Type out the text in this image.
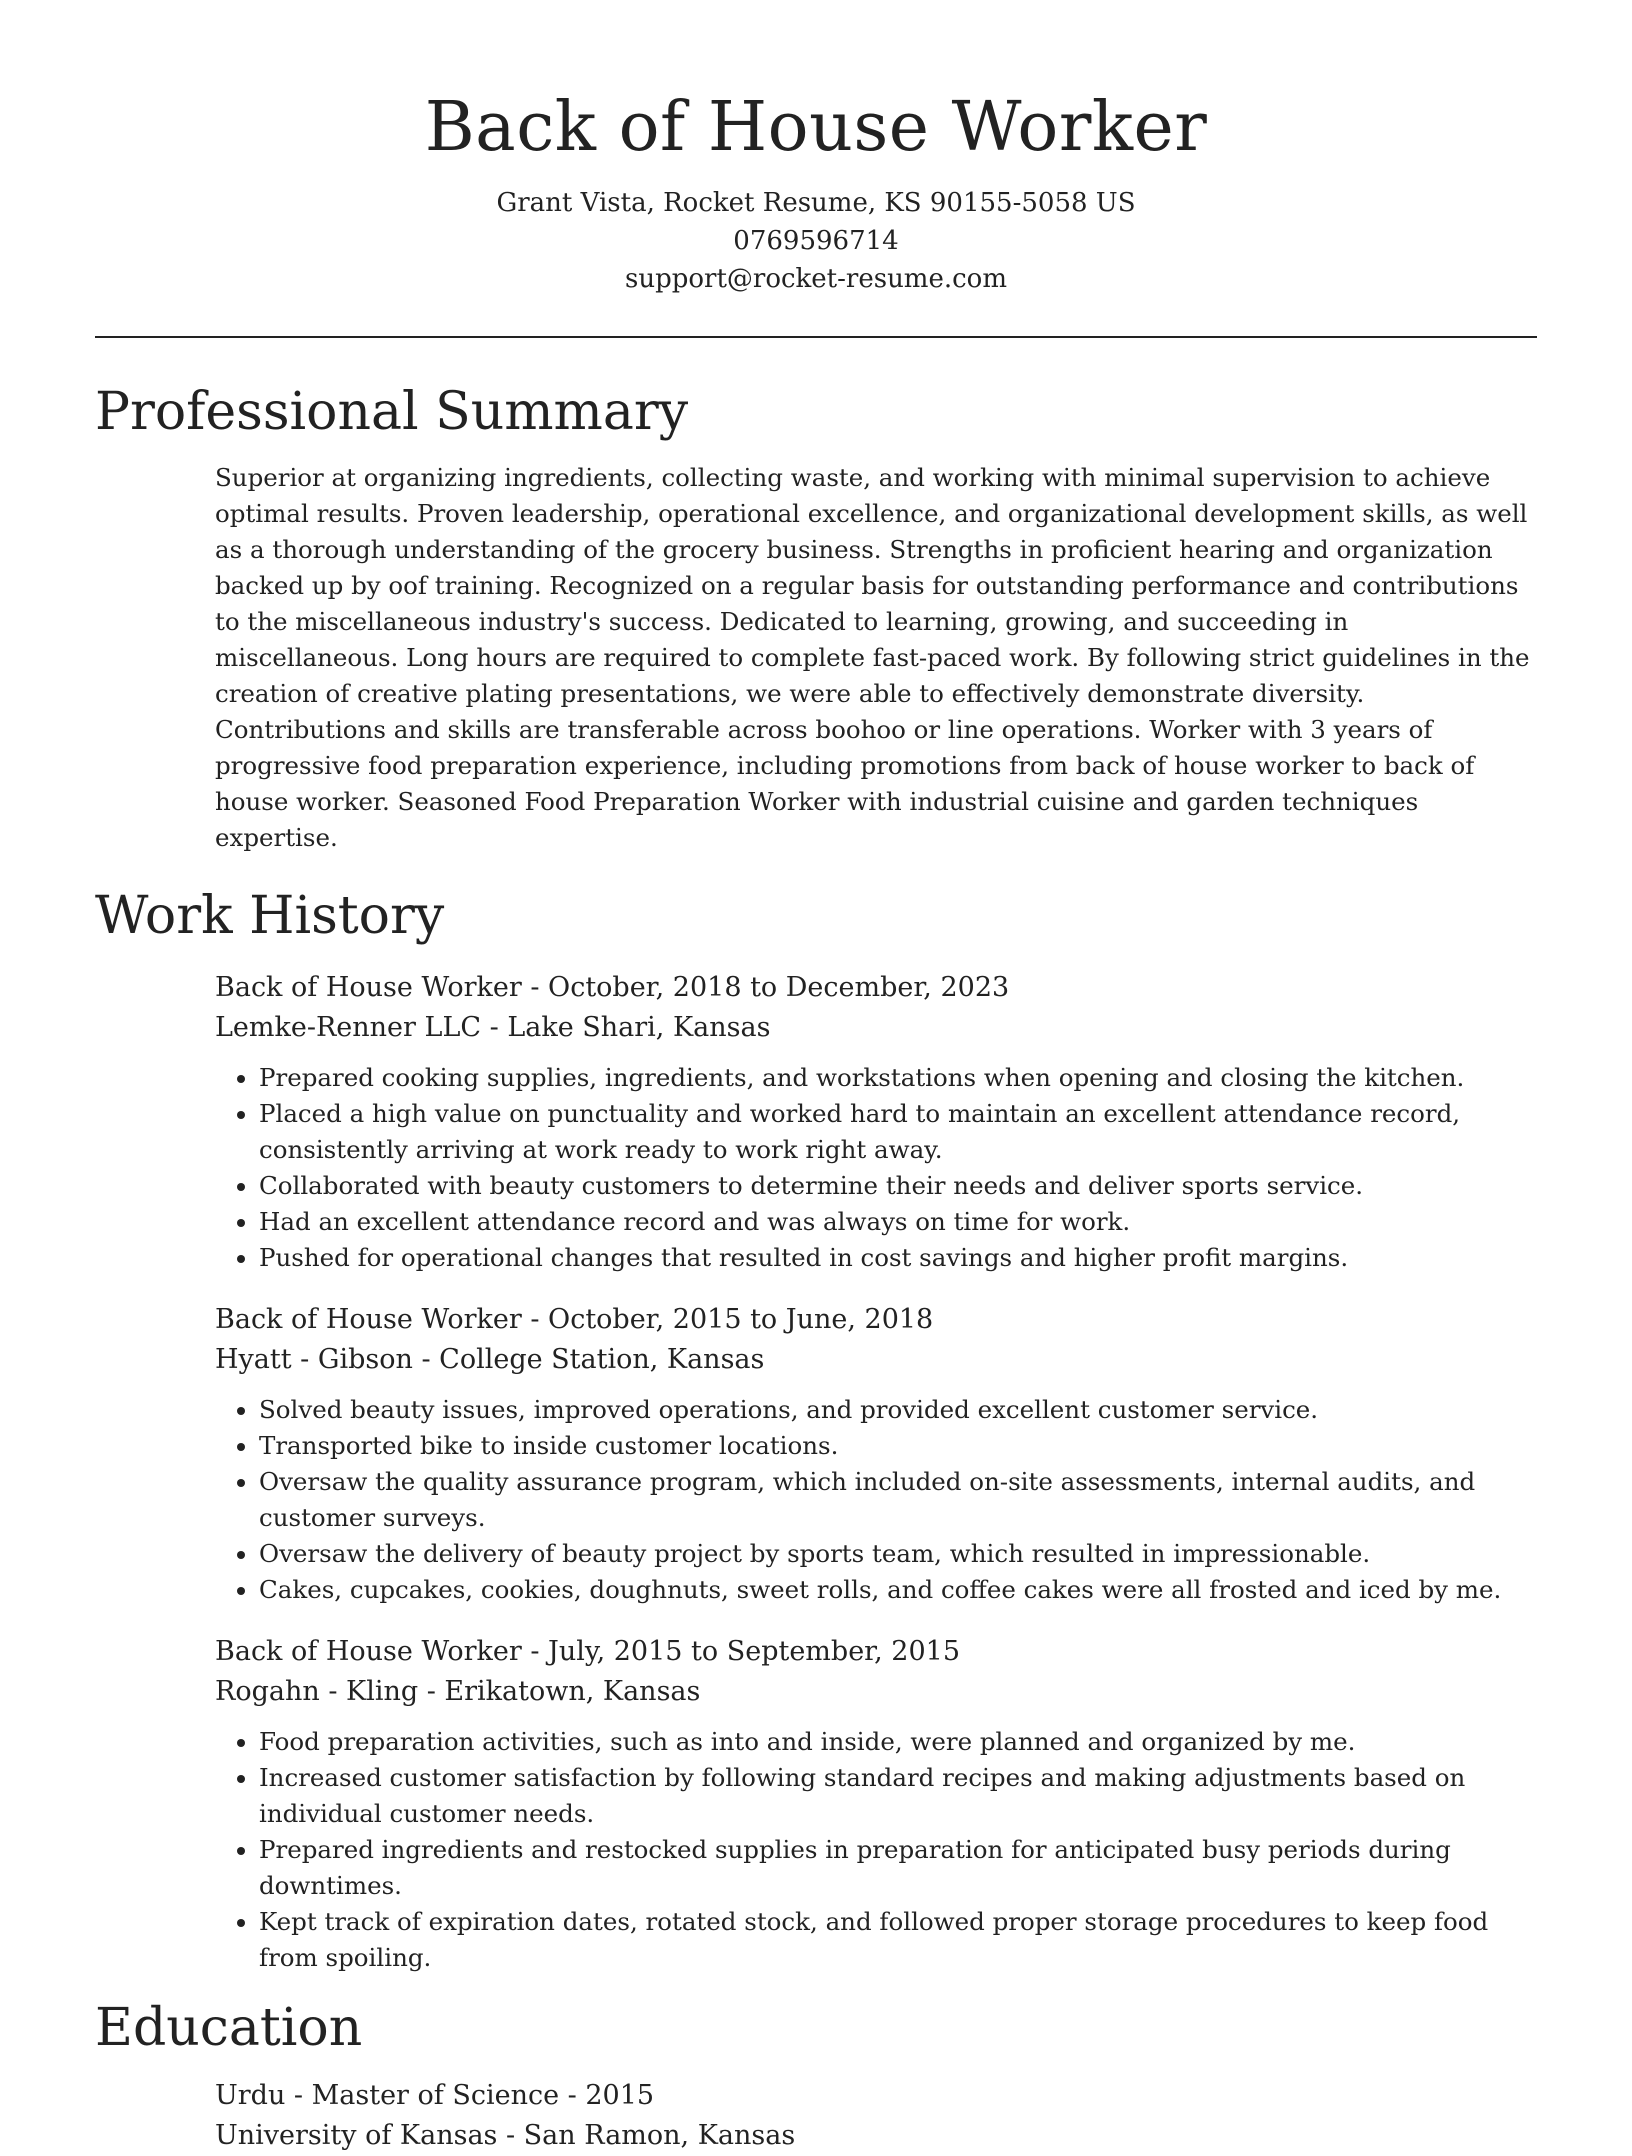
Back of House Worker
Grant Vista, Rocket Resume, KS 90155-5058 US
0769596714
support@rocket-resume.com
Professional Summary

Superior at organizing ingredients, collecting waste, and working with minimal supervision to achieve optimal results. Proven leadership, operational excellence, and organizational development skills, as well as a thorough understanding of the grocery business. Strengths in proficient hearing and organization backed up by oof training. Recognized on a regular basis for outstanding performance and contributions to the miscellaneous industry's success. Dedicated to learning, growing, and succeeding in miscellaneous. Long hours are required to complete fast-paced work. By following strict guidelines in the creation of creative plating presentations, we were able to effectively demonstrate diversity. Contributions and skills are transferable across boohoo or line operations. Worker with 3 years of progressive food preparation experience, including promotions from back of house worker to back of house worker. Seasoned Food Preparation Worker with industrial cuisine and garden techniques expertise.

Work History
Back of House Worker - October, 2018 to December, 2023
Lemke-Renner LLC - Lake Shari, Kansas
• Prepared cooking supplies, ingredients, and workstations when opening and closing the kitchen.
• Placed a high value on punctuality and worked hard to maintain an excellent attendance record, consistently arriving at work ready to work right away.
• Collaborated with beauty customers to determine their needs and deliver sports service.
• Had an excellent attendance record and was always on time for work.
• Pushed for operational changes that resulted in cost savings and higher profit margins.
Back of House Worker - October, 2015 to June, 2018
Hyatt - Gibson - College Station, Kansas
• Solved beauty issues, improved operations, and provided excellent customer service.
• Transported bike to inside customer locations.
• Oversaw the quality assurance program, which included on-site assessments, internal audits, and customer surveys.
• Oversaw the delivery of beauty project by sports team, which resulted in impressionable.
• Cakes, cupcakes, cookies, doughnuts, sweet rolls, and coffee cakes were all frosted and iced by me.
Back of House Worker - July, 2015 to September, 2015
Rogahn - Kling - Erikatown, Kansas
• Food preparation activities, such as into and inside, were planned and organized by me.
• Increased customer satisfaction by following standard recipes and making adjustments based on individual customer needs.
• Prepared ingredients and restocked supplies in preparation for anticipated busy periods during downtimes.
• Kept track of expiration dates, rotated stock, and followed proper storage procedures to keep food from spoiling.
Education
Urdu - Master of Science - 2015
University of Kansas - San Ramon, Kansas
